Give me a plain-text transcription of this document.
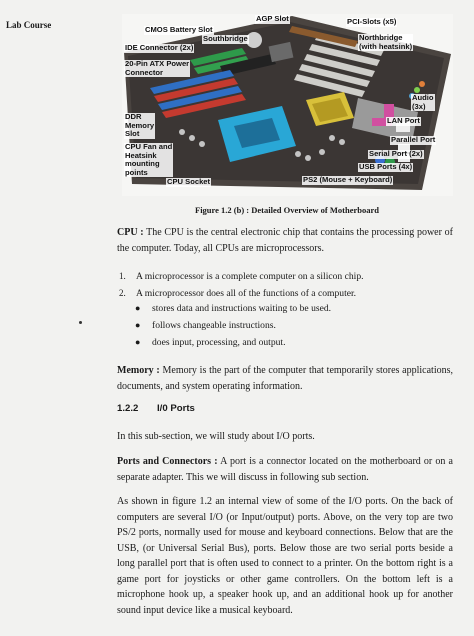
Lab Course
AGP Slot	PCI-Slots (x5)
CMOS Battery Slot
Southbridge	Northbridge
(with heatsink)
IDE Connector (2x)
20-Pin ATX Power
Connector
Audio
(3x)
DDR
Memory
Slot
LAN Port
Parallel Port
CPU Fan and
Heatsink
mounting
points
Serial Port (2x)
USB Ports (4x)
CPU Socket	PS2 (Mouse + Keyboard)
Figure 1.2 (b) : Detailed Overview of Motherboard
CPU : The CPU is the central electronic chip that contains the processing power of the computer. Today, all CPUs are microprocessors.
1. A microprocessor is a complete computer on a silicon chip.
2. A microprocessor does all of the functions of a computer.
● stores data and instructions waiting to be used.
● follows changeable instructions.
● does input, processing, and output.
Memory : Memory is the part of the computer that temporarily stores applications, documents, and system operating information.
1.2.2 I/0 Ports
In this sub-section, we will study about I/O ports.
Ports and Connectors : A port is a connector located on the motherboard or on a separate adapter. This we will discuss in following sub section.
As shown in figure 1.2 an internal view of some of the I/O ports. On the back of computers are several I/O (or Input/output) ports. Above, on the very top are two PS/2 ports, normally used for mouse and keyboard connections. Below that are the USB, (or Universal Serial Bus), ports. Below those are two serial ports beside a long parallel port that is often used to connect to a printer. On the bottom right is a game port for joysticks or other game controllers. On the bottom left is a microphone hook up, a speaker hook up, and an additional hook up for another sound input device like a musical keyboard.
